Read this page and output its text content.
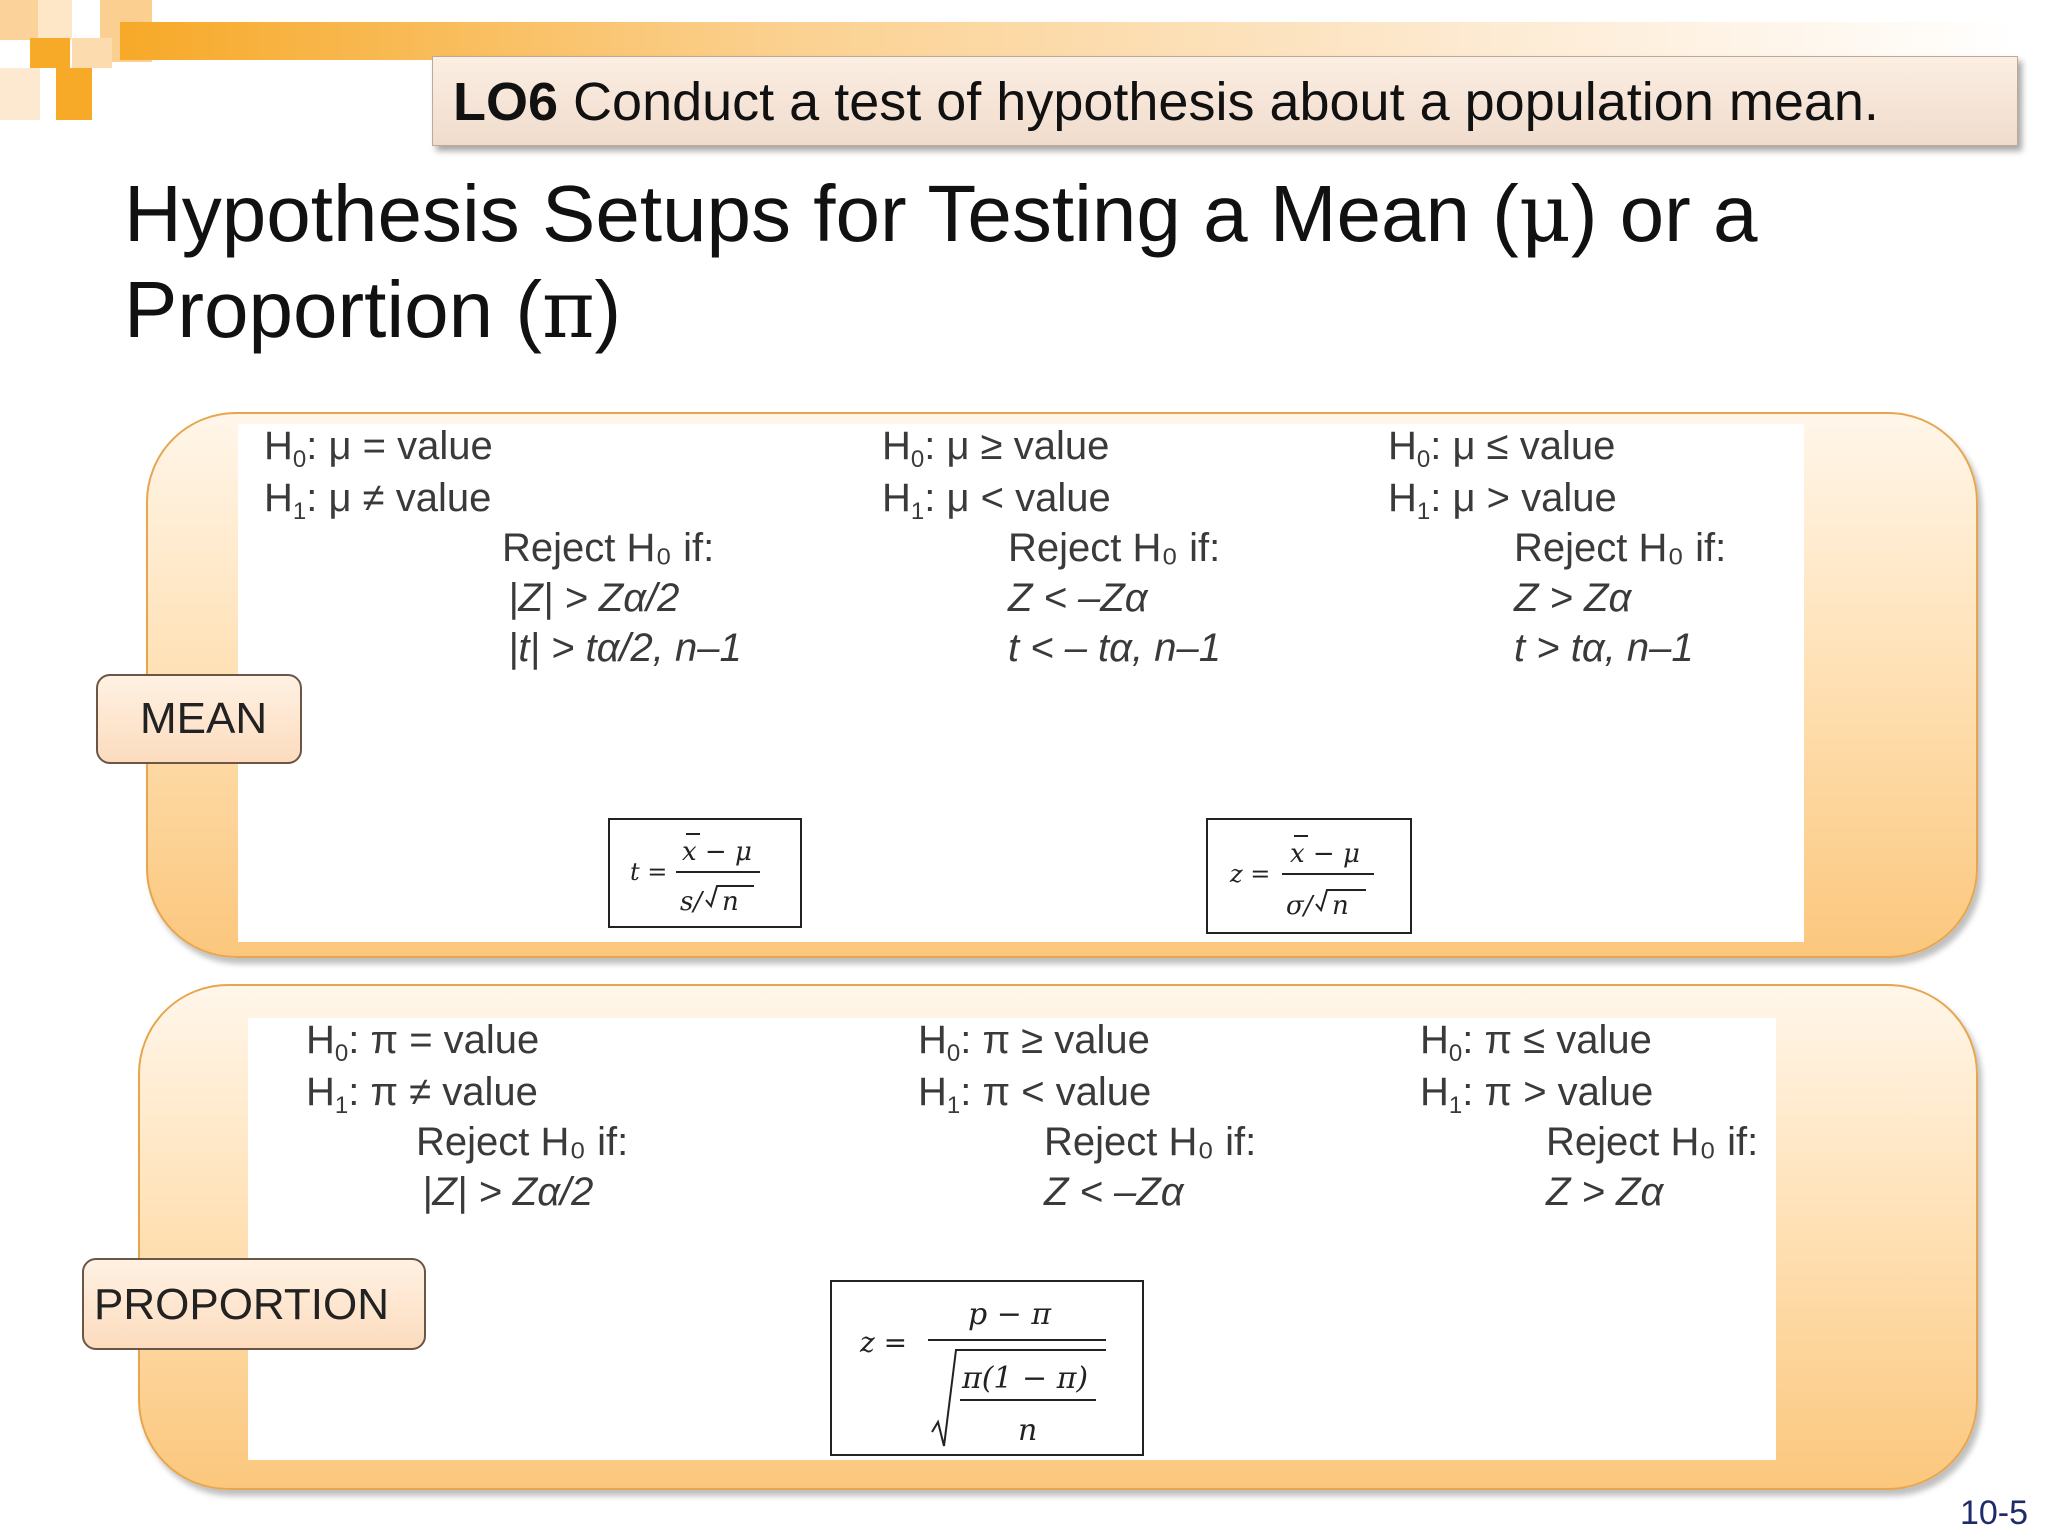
LO6 Conduct a test of hypothesis about a population mean.
Hypothesis Setups for Testing a Mean (μ) or a
Proportion (π)
$H_0$: μ = value
$H_1$: μ ≠ value
Reject H₀ if:
|Z| > Zα/2
|t| > tα/2, n–1
$H_0$: μ ≥ value
$H_1$: μ < value
Reject H₀ if:
Z < –Zα
t < – tα, n–1
$H_0$: μ ≤ value
$H_1$: μ > value
Reject H₀ if:
Z > Zα
t > tα, n–1
MEAN
t =
x − μ
s/ n
z =
x − μ
σ/ n
$H_0$: π = value
$H_1$: π ≠ value
Reject H₀ if:
|Z| > Zα/2
$H_0$: π ≥ value
$H_1$: π < value
Reject H₀ if:
Z < –Zα
$H_0$: π ≤ value
$H_1$: π > value
Reject H₀ if:
Z > Zα
PROPORTION
z =
p − π
π(1 − π)
n
10-5
